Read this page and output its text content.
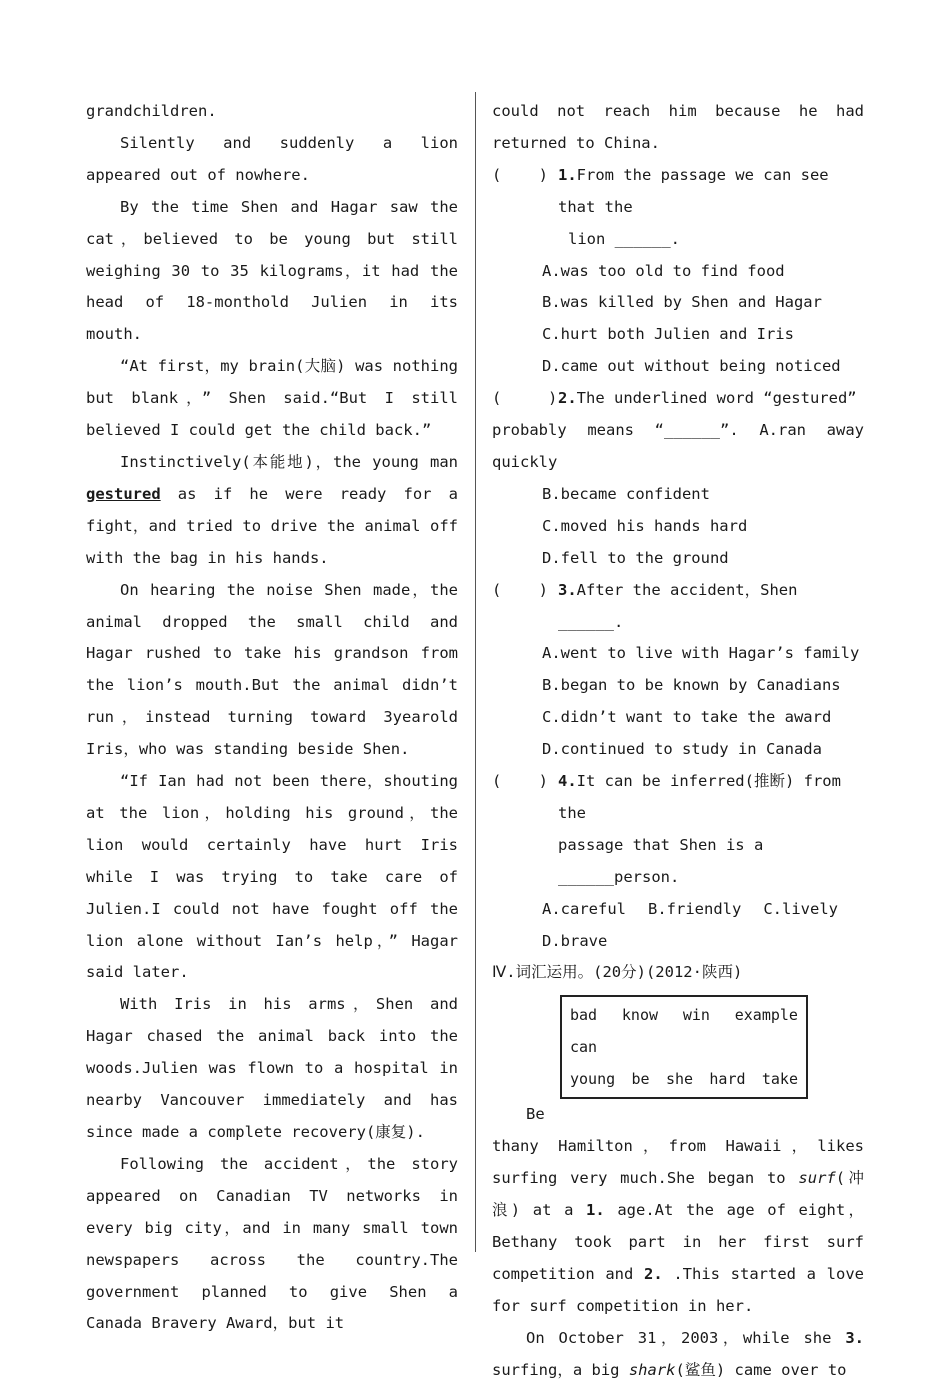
grandchildren.

Silently and suddenly a lion appeared out of nowhere.

By the time Shen and Hagar saw the cat，believed to be young but still weighing 30 to 35 kilograms，it had the head of 18-monthold Julien in its mouth.

“At first，my brain(大脑) was nothing but blank，” Shen said.“But I still believed I could get the child back.”

Instinctively(本能地)，the young man gestured as if he were ready for a fight，and tried to drive the animal off with the bag in his hands.

On hearing the noise Shen made，the animal dropped the small child and Hagar rushed to take his grandson from the lion’s mouth.But the animal didn’t run，instead turning toward 3yearold Iris，who was standing beside Shen.

“If Ian had not been there，shouting at the lion，holding his ground，the lion would certainly have hurt Iris while I was trying to take care of Julien.I could not have fought off the lion alone without Ian’s help，” Hagar said later.

With Iris in his arms，Shen and Hagar chased the animal back into the woods.Julien was flown to a hospital in nearby Vancouver immediately and has since made a complete recovery(康复).

Following the accident，the story appeared on Canadian TV networks in every big city，and in many small town newspapers across the country.The government planned to give Shen a Canada Bravery Award，but it

could not reach him because he had returned to China.

(    ) 1.From the passage we can see that the
lion ______.
A.was too old to find food
B.was killed by Shen and Hagar
C.hurt both Julien and Iris
D.came out without being noticed
(     ) 2.The underlined word “gestured”
probably means “______”. A.ran away quickly
B.became confident
C.moved his hands hard
D.fell to the ground
(    ) 3.After the accident，Shen ______.
A.went to live with Hagar’s family
B.began to be known by Canadians
C.didn’t want to take the award
D.continued to study in Canada
(    ) 4.It can be inferred(推断) from the
passage that Shen is a ______person.
A.careful B.friendly C.lively
D.brave
Ⅳ.词汇运用。(20分)(2012·陕西)
bad know win example
can
young be she hard take

Be

thany Hamilton，from Hawaii，likes surfing very much.She began to surf(冲浪) at a 1. age.At the age of eight，Bethany took part in her first surf competition and 2. .This started a love for surf competition in her.

On October 31，2003，while she 3. surfing，a big shark(鲨鱼) came over to
